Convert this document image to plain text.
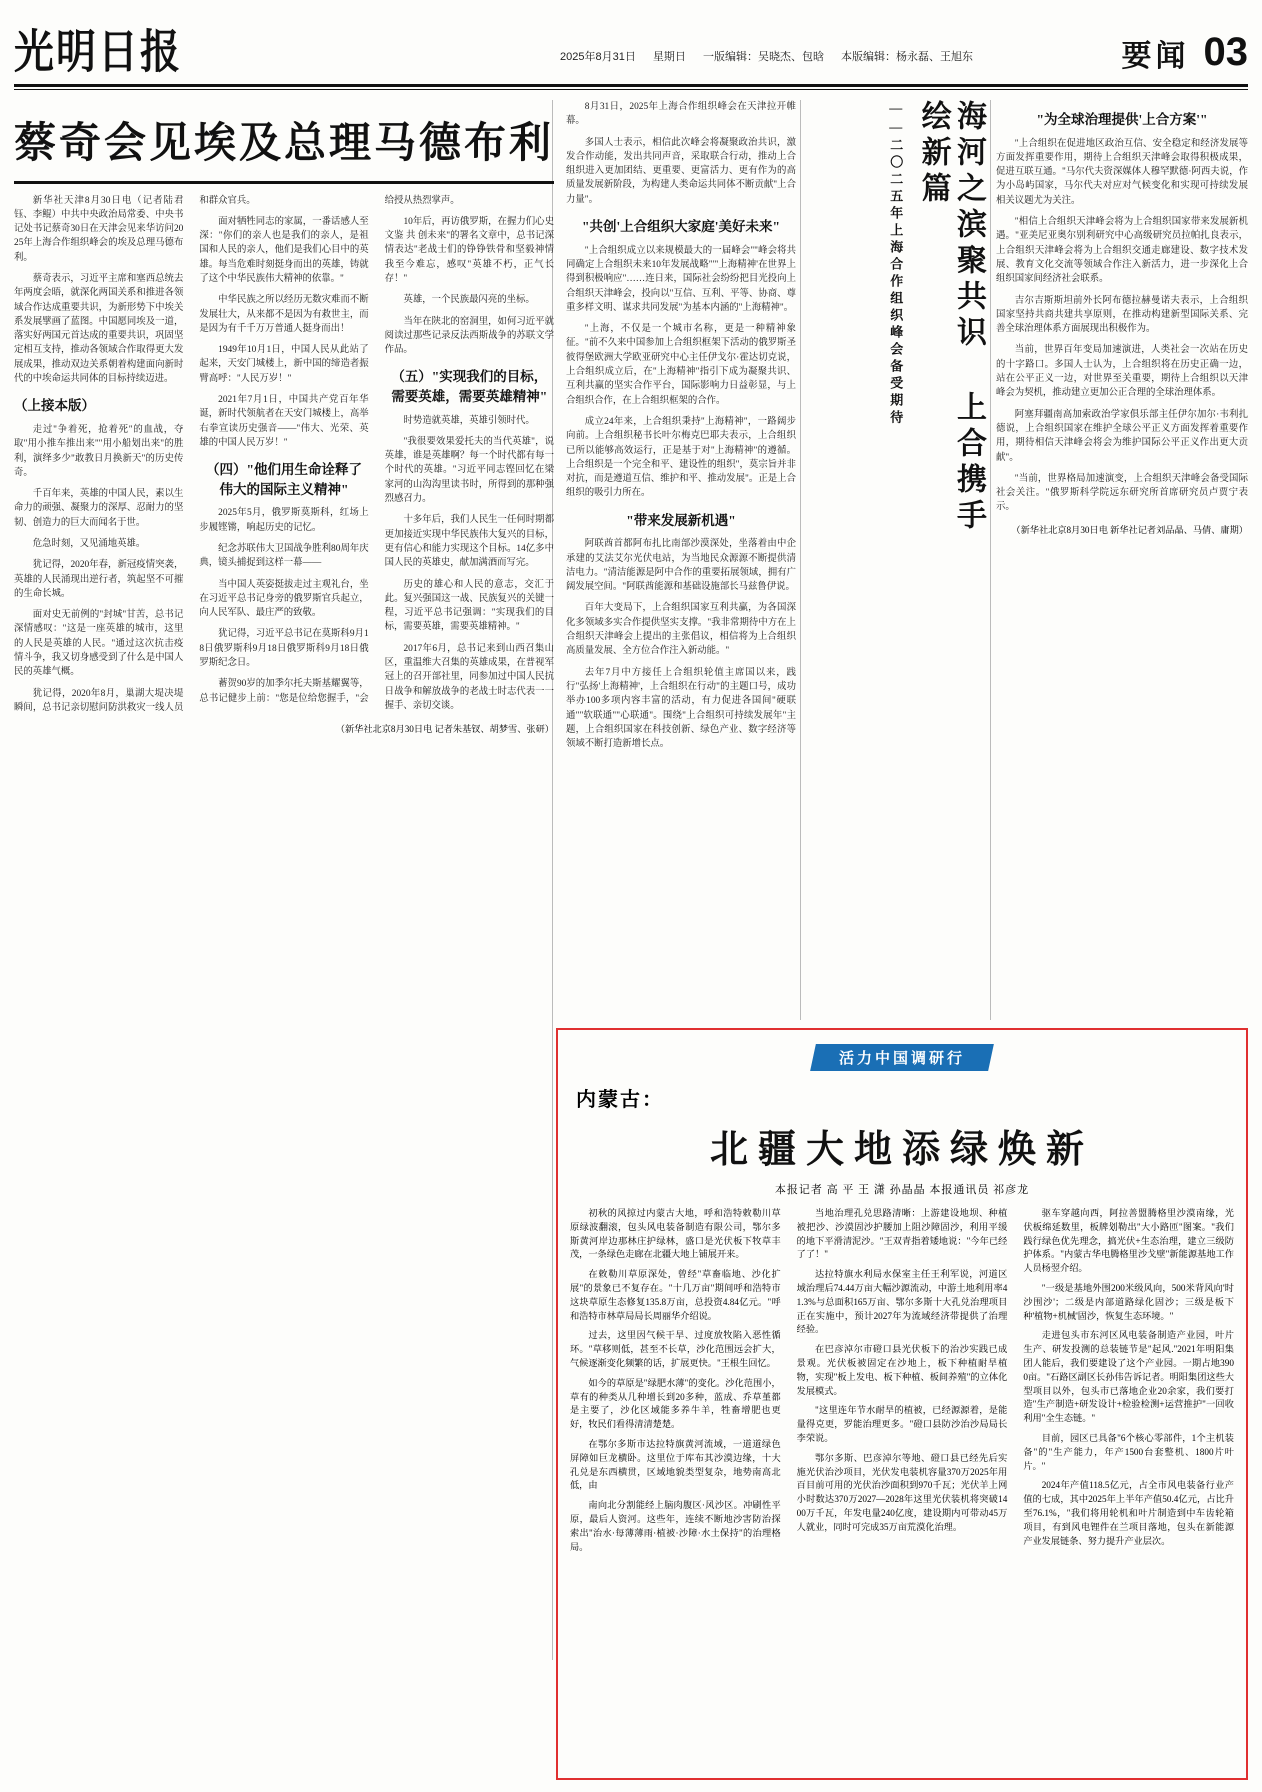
光明日报	2025年8月31日 星期日 一版编辑：吴晓杰、包晗 本版编辑：杨永磊、王旭东	要闻 03
蔡奇会见埃及总理马德布利

新华社天津8月30日电（记者陆君钰、李鲲）中共中央政治局常委、中央书记处书记蔡奇30日在天津会见来华访问2025年上海合作组织峰会的埃及总理马德布利。

蔡奇表示，习近平主席和塞西总统去年两度会晤，就深化两国关系和推进各领域合作达成重要共识，为新形势下中埃关系发展擘画了蓝图。中国愿同埃及一道，落实好两国元首达成的重要共识，巩固坚定相互支持，推动各领域合作取得更大发展成果，推动双边关系朝着构建面向新时代的中埃命运共同体的目标持续迈进。

（上接本版）

走过"争着死，抢着死"的血战，夺取"用小推车推出来""用小船划出来"的胜利，演绎多少"敢教日月换新天"的历史传奇。

千百年来，英雄的中国人民，素以生命力的顽强、凝聚力的深厚、忍耐力的坚韧、创造力的巨大而闻名于世。

危急时刻，又见涌地英雄。

犹记得，2020年春，新冠疫情突袭，英雄的人民涌现出逆行者，筑起坚不可摧的生命长城。

面对史无前例的"封城"甘苦，总书记深情感叹："这是一座英雄的城市，这里的人民是英雄的人民。"通过这次抗击疫情斗争，我又切身感受到了什么是中国人民的英雄气概。

犹记得，2020年8月，巢湖大堤决堤瞬间，总书记亲切慰问防洪救灾一线人员和群众官兵。

面对牺牲同志的家属，一番话感人至深："你们的亲人也是我们的亲人，是祖国和人民的亲人，他们是我们心目中的英雄。每当危难时刻挺身而出的英雄，铸就了这个中华民族伟大精神的依靠。"

中华民族之所以经历无数灾难而不断发展壮大，从来都不是因为有救世主，而是因为有千千万万普通人挺身而出！

1949年10月1日，中国人民从此站了起来，天安门城楼上，新中国的缔造者振臂高呼："人民万岁！"

2021年7月1日，中国共产党百年华诞，新时代领航者在天安门城楼上，高举右拳宣读历史强音——"伟大、光荣、英雄的中国人民万岁！"

（四）"他们用生命诠释了伟大的国际主义精神"

2025年5月，俄罗斯莫斯科，红场上步履铿锵，响起历史的记忆。

纪念苏联伟大卫国战争胜利80周年庆典，镜头捕捉到这样一幕——

当中国人英姿挺拔走过主观礼台，坐在习近平总书记身旁的俄罗斯官兵起立，向人民军队、最庄严的致敬。

犹记得，习近平总书记在莫斯科9月18日俄罗斯科9月18日俄罗斯科9月18日俄罗斯纪念日。

蓄贺90岁的加季尔托夫斯基耀翼等，总书记健步上前："您是位给您握手，"会给授从热烈掌声。

10年后，再访俄罗斯，在握力们心史文鉴 共 创未来"的署名文章中，总书记深情表达"老战士们的铮铮铁骨和坚毅神情我至今难忘，感叹"英雄不朽，正气长存！"

英雄，一个民族最闪亮的坐标。

当年在陕北的窑洞里，如何习近平就阅读过那些记录反法西斯战争的苏联文学作品。

（五）"实现我们的目标，需要英雄，需要英雄精神"

时势造就英雄，英雄引领时代。

"我很要效果爱托夫的当代英雄"，说英雄，谁是英雄啊？每一个时代都有每一个时代的英雄。"习近平同志铿回忆在梁家河的山沟沟里读书时，所得到的那种强烈感召力。

十多年后，我们人民生一任何时期都更加接近实现中华民族伟大复兴的目标，更有信心和能力实现这个目标。14亿多中国人民的英雄史，献加满酒而写完。

历史的雄心和人民的意志，交汇于此。复兴强国这一战、民族复兴的关键一程，习近平总书记强调："实现我们的目标，需要英雄，需要英雄精神。"

2017年6月，总书记来到山西召集山区，重温维大召集的英雄成果，在普视军冠上的召开部社里，同参加过中国人民抗日战争和解放战争的老战士时志代表一一握手、亲切交谈。

（新华社北京8月30日电 记者朱基钗、胡梦雪、张研）

8月31日，2025年上海合作组织峰会在天津拉开帷幕。

多国人士表示，相信此次峰会将凝聚政治共识，激发合作动能，发出共同声音，采取联合行动，推动上合组织进入更加团结、更重要、更富活力、更有作为的高质量发展新阶段，为构建人类命运共同体不断贡献"上合力量"。

"共创'上合组织大家庭'美好未来"

"上合组织成立以来规模最大的一届峰会""峰会将共同确定上合组织未来10年发展战略""'上海精神'在世界上得到积极响应"……连日来，国际社会纷纷把目光投向上合组织天津峰会，投向以"互信、互利、平等、协商、尊重多样文明、谋求共同发展"为基本内涵的"上海精神"。

"上海，不仅是一个城市名称，更是一种精神象征。"前不久来中国参加上合组织框架下活动的俄罗斯圣彼得堡欧洲大学欧亚研究中心主任伊戈尔·霍达切克说，上合组织成立后，在"上海精神"指引下成为凝聚共识、互利共赢的坚实合作平台，国际影响力日益彰显，与上合组织合作，在上合组织框架的合作。

成立24年来，上合组织秉持"上海精神"，一路阔步向前。上合组织秘书长叶尔梅克巴耶夫表示，上合组织已所以能够高效运行，正是基于对"上海精神"的遵循。上合组织是一个完全和平、建设性的组织"，莫宗旨并非对抗，而是遵道互信、维护和平、推动发展"。正是上合组织的吸引力所在。

"带来发展新机遇"

阿联酋首都阿布扎比南部沙漠深处，坐落着由中企承建的艾法艾尔光伏电站，为当地民众源源不断提供清洁电力。"清洁能源是阿中合作的重要拓展领域，拥有广阔发展空间。"阿联酋能源和基础设施部长马兹鲁伊说。

百年大变局下，上合组织国家互利共赢，为各国深化多领域多实合作提供坚实支撑。"我非常期待中方在上合组织天津峰会上提出的主张倡议，相信将为上合组织高质量发展、全方位合作注入新动能。"

去年7月中方接任上合组织轮值主席国以来，践行"弘扬'上海精神'，上合组织在行动"的主题口号，成功举办100多项内容丰富的活动，有力促进各国间"硬联通""软联通""心联通"。围绕"上合组织可持续发展年"主题，上合组织国家在科技创新、绿色产业、数字经济等领域不断打造新增长点。

海河之滨聚共识 上合携手绘新篇
——二〇二五年上海合作组织峰会备受期待	"为全球治理提供'上合方案'"

"上合组织在促进地区政治互信、安全稳定和经济发展等方面发挥重要作用，期待上合组织天津峰会取得积极成果，促进互联互通。"马尔代夫资深媒体人穆罕默德·阿西夫说，作为小岛屿国家，马尔代夫对应对气候变化和实现可持续发展相关议题尤为关注。

"相信上合组织天津峰会将为上合组织国家带来发展新机遇。"亚美尼亚奥尔别利研究中心高级研究员拉帕扎良表示，上合组织天津峰会将为上合组织交通走廊建设、数字技术发展、教育文化交流等领域合作注入新活力，进一步深化上合组织国家间经济社会联系。

吉尔吉斯斯坦前外长阿布德拉赫曼诺夫表示，上合组织国家坚持共商共建共享原则，在推动构建新型国际关系、完善全球治理体系方面展现出积极作为。

当前，世界百年变局加速演进，人类社会一次站在历史的十字路口。多国人士认为，上合组织将在历史正确一边，站在公平正义一边，对世界至关重要，期待上合组织以天津峰会为契机，推动建立更加公正合理的全球治理体系。

阿塞拜疆南高加索政治学家俱乐部主任伊尔加尔·韦利扎德说，上合组织国家在维护全球公平正义方面发挥着重要作用，期待相信天津峰会将会为维护国际公平正义作出更大贡献"。

"当前，世界格局加速演变，上合组织天津峰会备受国际社会关注。"俄罗斯科学院远东研究所首席研究员卢贾宁表示。

（新华社北京8月30日电 新华社记者刘品晶、马倩、庸期）
活力中国调研行
内蒙古：
北疆大地添绿焕新
本报记者 高 平 王 潇 孙晶晶 本报通讯员 祁彦龙

初秋的风掠过内蒙古大地，呼和浩特敕勒川草原绿波翻滚，包头风电装备制造有限公司，鄂尔多斯黄河岸边那林庄护绿林，盛口是光伏板下牧草丰茂，一条绿色走廊在北疆大地上铺展开来。

在敕勒川草原深处，曾经"草畜临地、沙化扩展"的景象已不复存在。"十几万亩"期间呼和浩特市这块草原生态修复135.8万亩，总投资4.84亿元。"呼和浩特市林草局局长周丽华介绍说。

过去，这里因气候干旱、过度放牧陷入恶性循环。"草移则低，甚至不长草，沙化范围远会扩大，气候逐渐变化频繁的话，扩展更快。"王根生回忆。

如今的草原是"绿肥水薄"的变化。沙化范围小，草有的种类从几种增长到20多种，蓝成、乔草堇都是主要了，沙化区域能多养牛羊，牲畜增肥也更好，牧民们看得清清楚楚。

在鄂尔多斯市达拉特旗黄河流域，一道道绿色屏障如巨龙横卧。这里位于库布其沙漠边缘，十大孔兑是东西横贯，区域地貌类型复杂，地势南高北低，由

南向北分割能经上脑肉腹区·风沙区。冲刷性平原，最后人资河。这些年，连续不断地沙害防治探索出"治水·每薄薄雨·植被·沙障·水土保持"的治理格局。

当地治理孔兑思路清晰：上游建设地坝、种植被把沙、沙漠固沙护腰加上阻沙障固沙，利用平缓的地下平滑清泥沙。"王双青指着矮地说："今年已经了了！"

达拉特旗水利局水保室主任王利军说，河道区域治理后74.44万亩大幅沙源流动，中游土地利用率41.3%与总面积165万亩、鄂尔多斯十大孔兑治理项目正在实施中，预计2027年为流域经济带提供了治理经验。

在巴彦淖尔市磴口县光伏板下的治沙实践已成景观。光伏板被固定在沙地上，板下种植耐旱植物，实现"板上发电、板下种植、板间养殖"的立体化发展模式。

"这里连年节水耐旱的植被，已经源源着，是能量得克更，罗能治理更多。"磴口县防沙治沙局局长李荣说。

鄂尔多斯、巴彦淖尔等地、磴口县已经先后实施光伏治沙项目，光伏发电装机容量370万2025年用百目前可用的光伏治沙面积到970千瓦；光伏羊上网小时数达370万2027—2028年这里光伏装机将突破1400万千瓦，年发电量240亿度，建设期内可带动45万人就业，同时可完成35万亩荒漠化治理。

驱车穿越向西，阿拉善盟腾格里沙漠南缘，光伏板绵延数里，板牌划勒出"大小路匝"图案。"我们践行绿色优先理念，搞光伏+生态治理，建立三级防护体系。"内蒙古华电腾格里沙戈壁"新能源基地工作人员杨翌介绍。

"一级是基地外围200米级风向，500米背风向'时沙围沙'；二级是内部道路绿化固沙；三级是板下种'植物+机械'固沙，恢复生态环境。"

走进包头市东河区风电装备制造产业园，叶片生产、研发投测的总装链节是"起风."2021年明阳集团人能后，我们要建设了这个产业园。一期占地3900亩。"石路区副区长孙伟告诉记者。明阳集团这些大型项目以外，包头市已落地企业20余家，我们要打造"生产制造+研发设计+检验检测+运营推护"一回收利用"全生态链。"

目前，园区已具备"6个核心零部件，1个主机装备"的"生产能力，年产1500台套整机、1800片叶片。"

2024年产值118.5亿元，占全市风电装备行业产值的七成，其中2025年上半年产值50.4亿元，占比升至76.1%，"我们将用轮机和叶片制造到中车齿轮箱项目，有到风电锂件在兰项目落地，包头在新能源产业发展链条、努力提升产业层次。
